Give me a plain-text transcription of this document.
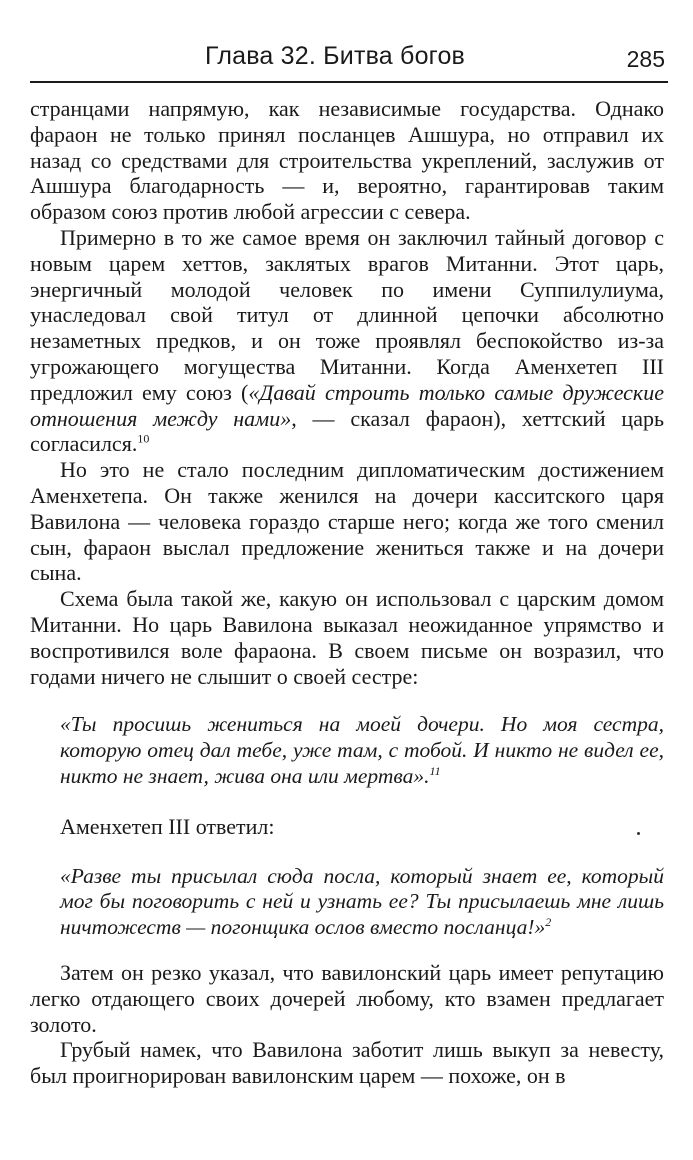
Глава 32. Битва богов	285

странцами напрямую, как независимые государства. Однако фараон не только принял посланцев Ашшура, но отправил их назад со средствами для строительства укреплений, заслужив от Ашшура благодарность — и, вероятно, гарантировав таким образом союз против любой агрессии с севера.

Примерно в то же самое время он заключил тайный договор с новым царем хеттов, заклятых врагов Митанни. Этот царь, энергичный молодой человек по имени Суппилулиума, унаследовал свой титул от длинной цепочки абсолютно незаметных предков, и он тоже проявлял беспокойство из-за угрожающего могущества Митанни. Когда Аменхетеп III предложил ему союз («Давай строить только самые дружеские отношения между нами», — сказал фараон), хеттский царь согласился.$^{10}$

Но это не стало последним дипломатическим достижением Аменхетепа. Он также женился на дочери касситского царя Вавилона — человека гораздо старше него; когда же того сменил сын, фараон выслал предложение жениться также и на дочери сына.

Схема была такой же, какую он использовал с царским домом Митанни. Но царь Вавилона выказал неожиданное упрямство и воспротивился воле фараона. В своем письме он возразил, что годами ничего не слышит о своей сестре:

«Ты просишь жениться на моей дочери. Но моя сестра, которую отец дал тебе, уже там, с тобой. И никто не видел ее, никто не знает, жива она или мертва».$^{11}$

Аменхетеп III ответил:

«Разве ты присылал сюда посла, который знает ее, который мог бы поговорить с ней и узнать ее? Ты присылаешь мне лишь ничтожеств — погонщика ослов вместо посланца!»$^2$

Затем он резко указал, что вавилонский царь имеет репутацию легко отдающего своих дочерей любому, кто взамен предлагает золото.

Грубый намек, что Вавилона заботит лишь выкуп за невесту, был проигнорирован вавилонским царем — похоже, он в
